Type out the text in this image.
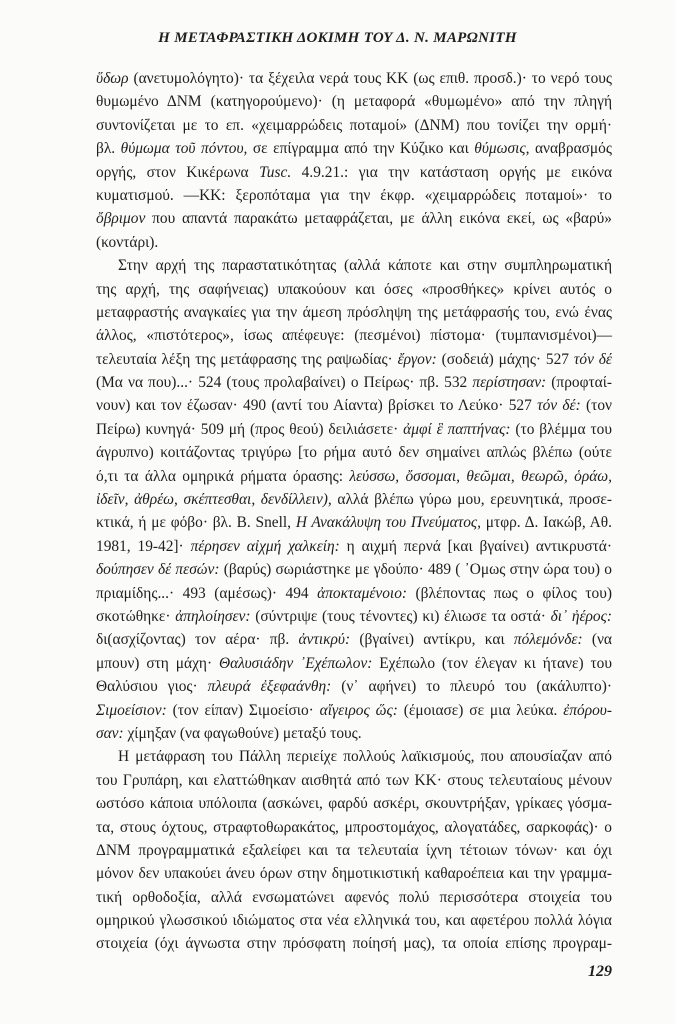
Η ΜΕΤΑΦΡΑΣΤΙΚΗ ΔΟΚΙΜΗ ΤΟΥ Δ. Ν. ΜΑΡΩΝΙΤΗ
ὕδωρ (ανετυμολόγητο)· τα ξέχειλα νερά τους ΚΚ (ως επιθ. προσδ.)· το νερό τους
θυμωμένο ΔΝΜ (κατηγορούμενο)· (η μεταφορά «θυμωμένο» από την πληγή
συντονίζεται με το επ. «χειμαρρώδεις ποταμοί» (ΔΝΜ) που τονίζει την ορμή·
βλ. θύμωμα τοῦ πόντου, σε επίγραμμα από την Κύζικο και θύμωσις, αναβρασμός
οργής, στον Κικέρωνα Tusc. 4.9.21.: για την κατάσταση οργής με εικόνα
κυματισμού. —ΚΚ: ξεροπόταμα για την έκφρ. «χειμαρρώδεις ποταμοί»· το
ὄβριμον που απαντά παρακάτω μεταφράζεται, με άλλη εικόνα εκεί, ως «βαρύ»
(κοντάρι).
Στην αρχή της παραστατικότητας (αλλά κάποτε και στην συμπληρωματική
της αρχή, της σαφήνειας) υπακούουν και όσες «προσθήκες» κρίνει αυτός ο
μεταφραστής αναγκαίες για την άμεση πρόσληψη της μετάφρασής του, ενώ ένας
άλλος, «πιστότερος», ίσως απέφευγε: (πεσμένοι) πίστομα· (τυμπανισμένοι)—
τελευταία λέξη της μετάφρασης της ραψωδίας· ἔργον: (σοδειά) μάχης· 527 τόν δέ
(Μα να που)...· 524 (τους προλαβαίνει) ο Πείρως· πβ. 532 περίστησαν: (προφταί-
νουν) και τον έζωσαν· 490 (αντί του Αίαντα) βρίσκει το Λεύκο· 527 τόν δέ: (τον
Πείρω) κυνηγά· 509 μή (προς θεού) δειλιάσετε· ἀμφί ἓ παπτήνας: (το βλέμμα του
άγρυπνο) κοιτάζοντας τριγύρω [το ρήμα αυτό δεν σημαίνει απλώς βλέπω (ούτε
ό,τι τα άλλα ομηρικά ρήματα όρασης: λεύσσω, ὄσσομαι, θεῶμαι, θεωρῶ, ὁράω,
ἰδεῖν, ἀθρέω, σκέπτεσθαι, δενδίλλειν), αλλά βλέπω γύρω μου, ερευνητικά, προσε-
κτικά, ή με φόβο· βλ. B. Snell, Η Ανακάλυψη του Πνεύματος, μτφρ. Δ. Ιακώβ, Αθ.
1981, 19-42]· πέρησεν αἰχμή χαλκείη: η αιχμή περνά [και βγαίνει) αντικρυστά·
δούπησεν δέ πεσών: (βαρύς) σωριάστηκε με γδούπο· 489 ( ᾿Ομως στην ώρα του) ο
πριαμίδης...· 493 (αμέσως)· 494 ἀποκταμένοιο: (βλέποντας πως ο φίλος του)
σκοτώθηκε· ἀπηλοίησεν: (σύντριψε (τους τένοντες) κι) έλιωσε τα οστά· δι᾽ ἠέρος:
δι(ασχίζοντας) τον αέρα· πβ. ἀντικρύ: (βγαίνει) αντίκρυ, και πόλεμόνδε: (να
μπουν) στη μάχη· Θαλυσιάδην ᾿Εχέπωλον: Εχέπωλο (τον έλεγαν κι ήτανε) του
Θαλύσιου γιος· πλευρά ἐξεφαάνθη: (ν᾽ αφήνει) το πλευρό του (ακάλυπτο)·
Σιμοείσιον: (τον είπαν) Σιμοείσιο· αἴγειρος ὥς: (έμοιασε) σε μια λεύκα. ἐπόρου-
σαν: χίμηξαν (να φαγωθούνε) μεταξύ τους.
Η μετάφραση του Πάλλη περιείχε πολλούς λαϊκισμούς, που απουσίαζαν από
του Γρυπάρη, και ελαττώθηκαν αισθητά από των ΚΚ· στους τελευταίους μένουν
ωστόσο κάποια υπόλοιπα (ασκώνει, φαρδύ ασκέρι, σκουντρήξαν, γρίκαες γόσμα-
τα, στους όχτους, στραφτοθωρακάτος, μπροστομάχος, αλογατάδες, σαρκοφάς)· ο
ΔΝΜ προγραμματικά εξαλείφει και τα τελευταία ίχνη τέτοιων τόνων· και όχι
μόνον δεν υπακούει άνευ όρων στην δημοτικιστική καθαροέπεια και την γραμμα-
τική ορθοδοξία, αλλά ενσωματώνει αφενός πολύ περισσότερα στοιχεία του
ομηρικού γλωσσικού ιδιώματος στα νέα ελληνικά του, και αφετέρου πολλά λόγια
στοιχεία (όχι άγνωστα στην πρόσφατη ποίησή μας), τα οποία επίσης προγραμ-
129
